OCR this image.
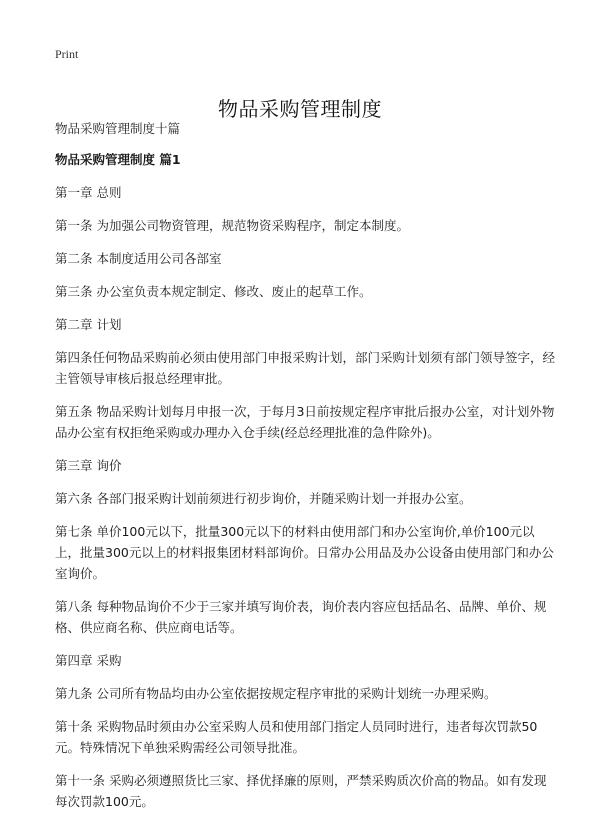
Print
物品采购管理制度

物品采购管理制度十篇

物品采购管理制度 篇1

第一章 总则

第一条 为加强公司物资管理，规范物资采购程序，制定本制度。

第二条 本制度适用公司各部室

第三条 办公室负责本规定制定、修改、废止的起草工作。

第二章 计划

第四条任何物品采购前必须由使用部门申报采购计划，部门采购计划须有部门领导签字，经主管领导审核后报总经理审批。

第五条 物品采购计划每月申报一次，于每月3日前按规定程序审批后报办公室，对计划外物品办公室有权拒绝采购或办理办入仓手续(经总经理批准的急件除外)。

第三章 询价

第六条 各部门报采购计划前须进行初步询价，并随采购计划一并报办公室。

第七条 单价100元以下，批量300元以下的材料由使用部门和办公室询价,单价100元以上，批量300元以上的材料报集团材料部询价。日常办公用品及办公设备由使用部门和办公室询价。

第八条 每种物品询价不少于三家并填写询价表，询价表内容应包括品名、品牌、单价、规格、供应商名称、供应商电话等。

第四章 采购

第九条 公司所有物品均由办公室依据按规定程序审批的采购计划统一办理采购。

第十条 采购物品时须由办公室采购人员和使用部门指定人员同时进行，违者每次罚款50元。特殊情况下单独采购需经公司领导批准。

第十一条 采购必须遵照货比三家、择优择廉的原则，严禁采购质次价高的物品。如有发现每次罚款100元。
